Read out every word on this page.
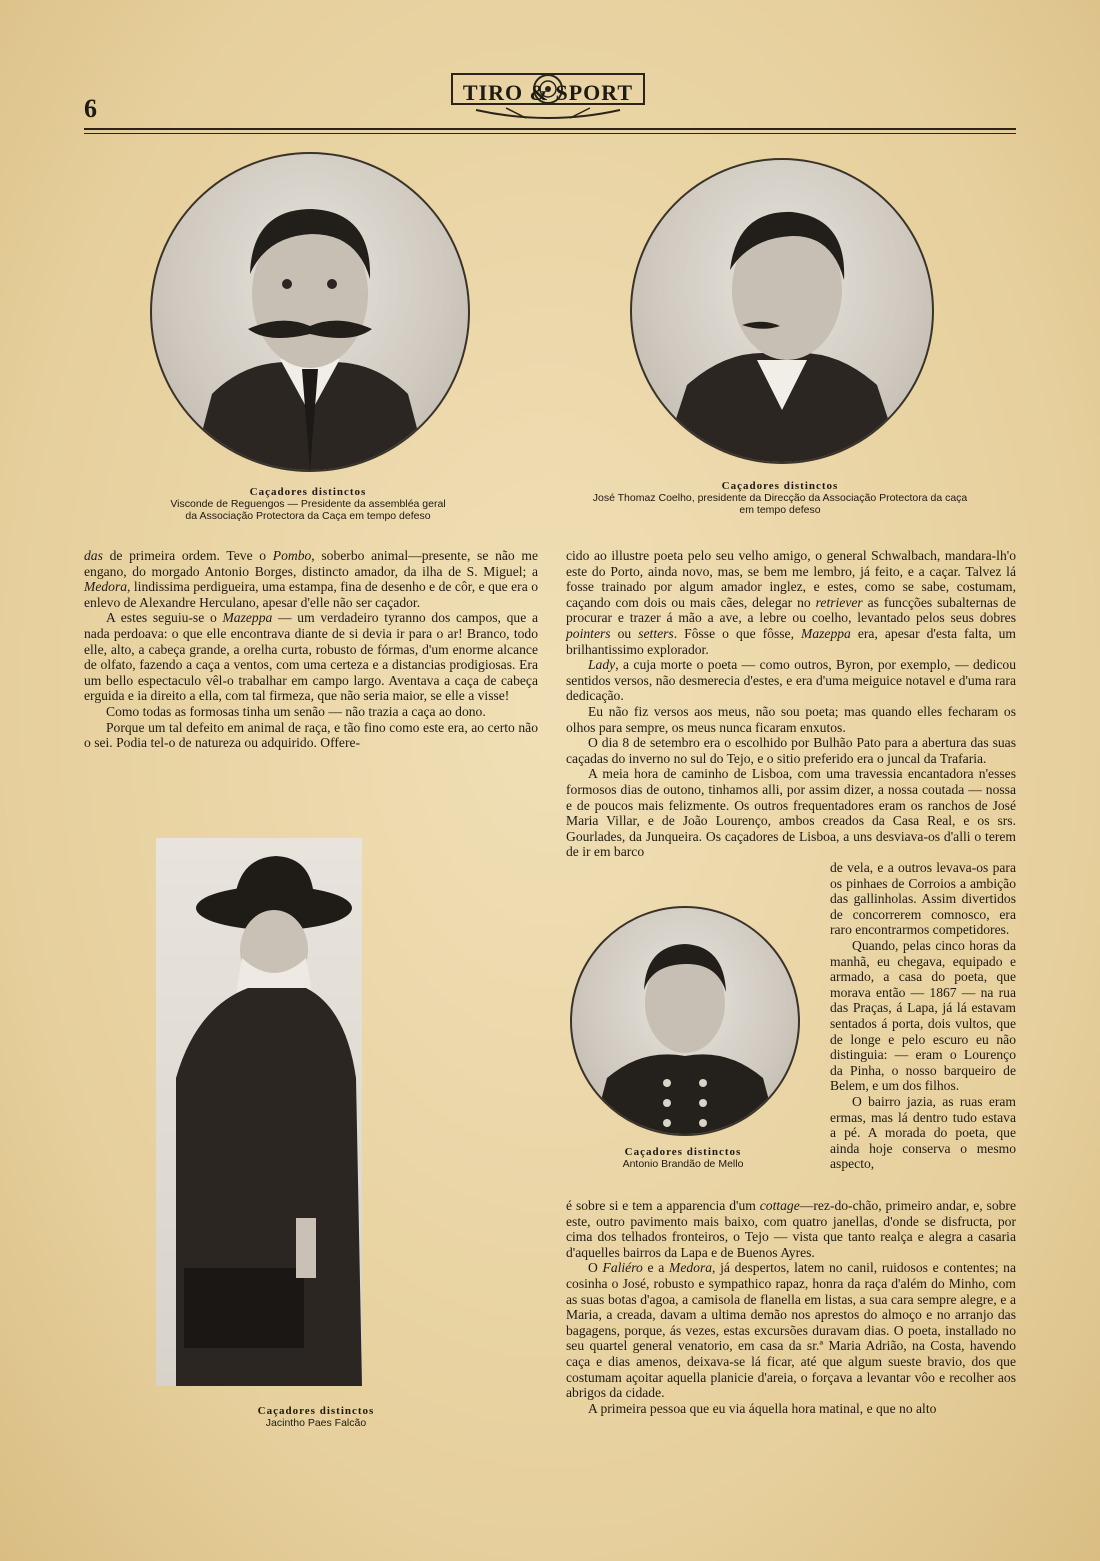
6
TIRO & SPORT
Caçadores distinctos
Visconde de Reguengos — Presidente da assembléa geral
da Associação Protectora da Caça em tempo defeso
Caçadores distinctos
José Thomaz Coelho, presidente da Direcção da Associação Protectora da caça
em tempo defeso

das de primeira ordem. Teve o Pombo, soberbo animal—presente, se não me engano, do morgado Antonio Borges, distincto amador, da ilha de S. Miguel; a Medora, lindissima perdigueira, uma estampa, fina de desenho e de côr, e que era o enlevo de Alexandre Herculano, apesar d'elle não ser caçador.

A estes seguiu-se o Mazeppa — um verdadeiro tyranno dos campos, que a nada perdoava: o que elle encontrava diante de si devia ir para o ar! Branco, todo elle, alto, a cabeça grande, a orelha curta, robusto de fórmas, d'um enorme alcance de olfato, fazendo a caça a ventos, com uma certeza e a distancias prodigiosas. Era um bello espectaculo vêl-o trabalhar em campo largo. Aventava a caça de cabeça erguida e ia direito a ella, com tal firmeza, que não seria maior, se elle a visse!

Como todas as formosas tinha um senão — não trazia a caça ao dono.

Porque um tal defeito em animal de raça, e tão fino como este era, ao certo não o sei. Podia tel-o de natureza ou adquirido. Offere-

Caçadores distinctos
Jacintho Paes Falcão

cido ao illustre poeta pelo seu velho amigo, o general Schwalbach, mandara-lh'o este do Porto, ainda novo, mas, se bem me lembro, já feito, e a caçar. Talvez lá fosse trainado por algum amador inglez, e estes, como se sabe, costumam, caçando com dois ou mais cães, delegar no retriever as funcções subalternas de procurar e trazer á mão a ave, a lebre ou coelho, levantado pelos seus dobres pointers ou setters. Fôsse o que fôsse, Mazeppa era, apesar d'esta falta, um brilhantissimo explorador.

Lady, a cuja morte o poeta — como outros, Byron, por exemplo, — dedicou sentidos versos, não desmerecia d'estes, e era d'uma meiguice notavel e d'uma rara dedicação.

Eu não fiz versos aos meus, não sou poeta; mas quando elles fecharam os olhos para sempre, os meus nunca ficaram enxutos.

O dia 8 de setembro era o escolhido por Bulhão Pato para a abertura das suas caçadas do inverno no sul do Tejo, e o sitio preferido era o juncal da Trafaria.

A meia hora de caminho de Lisboa, com uma travessia encantadora n'esses formosos dias de outono, tinhamos alli, por assim dizer, a nossa coutada — nossa e de poucos mais felizmente. Os outros frequentadores eram os ranchos de José Maria Villar, e de João Lourenço, ambos creados da Casa Real, e os srs. Gourlades, da Junqueira. Os caçadores de Lisboa, a uns desviava-os d'alli o terem de ir em barco

Caçadores distinctos
Antonio Brandão de Mello

de vela, e a outros levava-os para os pinhaes de Corroios a ambição das gallinholas. Assim divertidos de concorrerem comnosco, era raro encontrarmos competidores.

Quando, pelas cinco horas da manhã, eu chegava, equipado e armado, a casa do poeta, que morava então — 1867 — na rua das Praças, á Lapa, já lá estavam sentados á porta, dois vultos, que de longe e pelo escuro eu não distinguia: — eram o Lourenço da Pinha, o nosso barqueiro de Belem, e um dos filhos.

O bairro jazia, as ruas eram ermas, mas lá dentro tudo estava a pé. A morada do poeta, que ainda hoje conserva o mesmo aspecto,

é sobre si e tem a apparencia d'um cottage—rez-do-chão, primeiro andar, e, sobre este, outro pavimento mais baixo, com quatro janellas, d'onde se disfructa, por cima dos telhados fronteiros, o Tejo — vista que tanto realça e alegra a casaria d'aquelles bairros da Lapa e de Buenos Ayres.

O Faliéro e a Medora, já despertos, latem no canil, ruidosos e contentes; na cosinha o José, robusto e sympathico rapaz, honra da raça d'além do Minho, com as suas botas d'agoa, a camisola de flanella em listas, a sua cara sempre alegre, e a Maria, a creada, davam a ultima demão nos aprestos do almoço e no arranjo das bagagens, porque, ás vezes, estas excursões duravam dias. O poeta, installado no seu quartel general venatorio, em casa da sr.ª Maria Adrião, na Costa, havendo caça e dias amenos, deixava-se lá ficar, até que algum sueste bravio, dos que costumam açoitar aquella planicie d'areia, o forçava a levantar vôo e recolher aos abrigos da cidade.

A primeira pessoa que eu via áquella hora matinal, e que no alto
